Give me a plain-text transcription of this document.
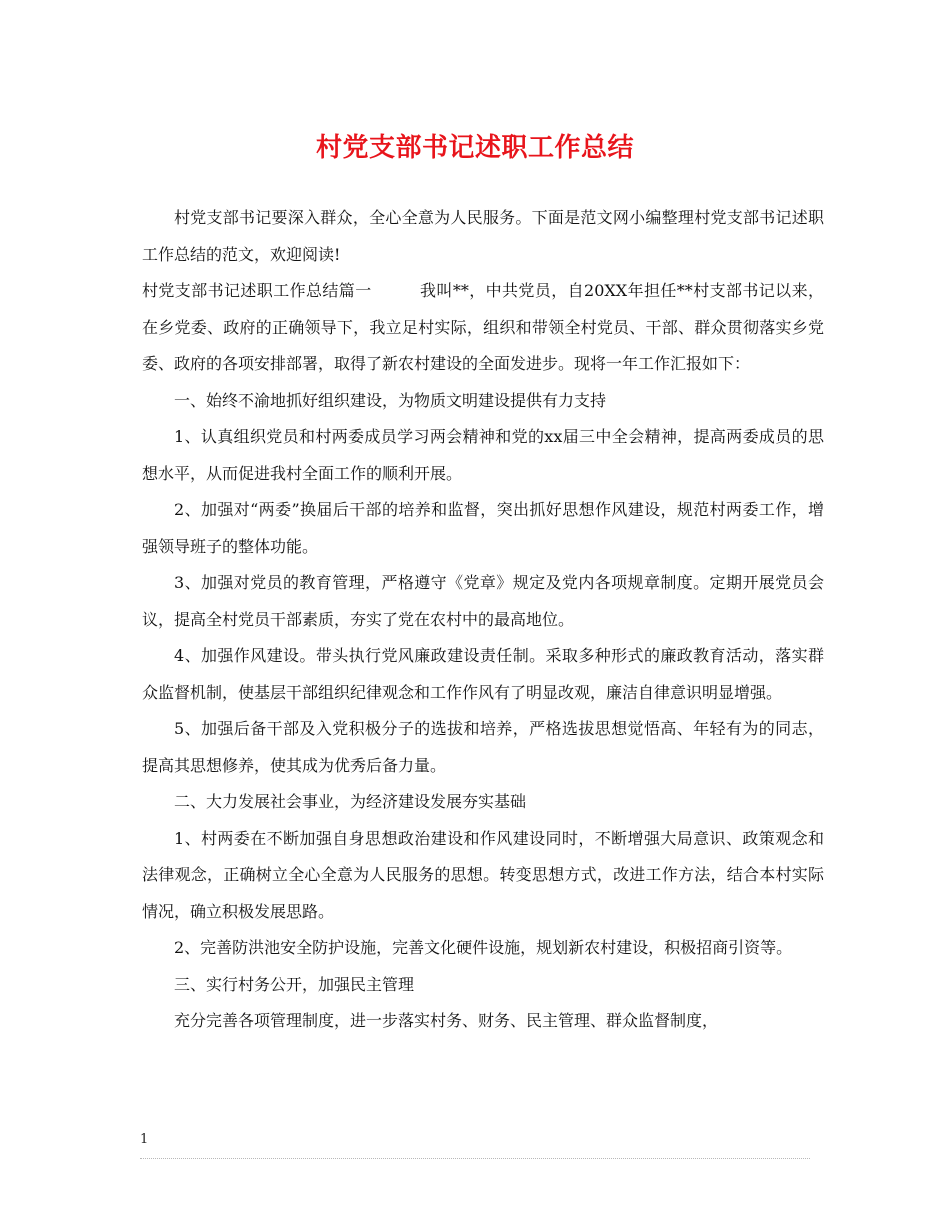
村党支部书记述职工作总结

村党支部书记要深入群众，全心全意为人民服务。下面是范文网小编整理村党支部书记述职工作总结的范文，欢迎阅读!

村党支部书记述职工作总结篇一	我叫**，中共党员，自20XX年担任**村支部书记以来，在乡党委、政府的正确领导下，我立足村实际，组织和带领全村党员、干部、群众贯彻落实乡党委、政府的各项安排部署，取得了新农村建设的全面发进步。现将一年工作汇报如下：

一、始终不渝地抓好组织建设，为物质文明建设提供有力支持

1、认真组织党员和村两委成员学习两会精神和党的xx届三中全会精神，提高两委成员的思想水平，从而促进我村全面工作的顺利开展。

2、加强对“两委”换届后干部的培养和监督，突出抓好思想作风建设，规范村两委工作，增强领导班子的整体功能。

3、加强对党员的教育管理，严格遵守《党章》规定及党内各项规章制度。定期开展党员会议，提高全村党员干部素质，夯实了党在农村中的最高地位。

4、加强作风建设。带头执行党风廉政建设责任制。采取多种形式的廉政教育活动，落实群众监督机制，使基层干部组织纪律观念和工作作风有了明显改观，廉洁自律意识明显增强。

5、加强后备干部及入党积极分子的选拔和培养，严格选拔思想觉悟高、年轻有为的同志，提高其思想修养，使其成为优秀后备力量。

二、大力发展社会事业，为经济建设发展夯实基础

1、村两委在不断加强自身思想政治建设和作风建设同时，不断增强大局意识、政策观念和法律观念，正确树立全心全意为人民服务的思想。转变思想方式，改进工作方法，结合本村实际情况，确立积极发展思路。

2、完善防洪池安全防护设施，完善文化硬件设施，规划新农村建设，积极招商引资等。

三、实行村务公开，加强民主管理

充分完善各项管理制度，进一步落实村务、财务、民主管理、群众监督制度，

1
